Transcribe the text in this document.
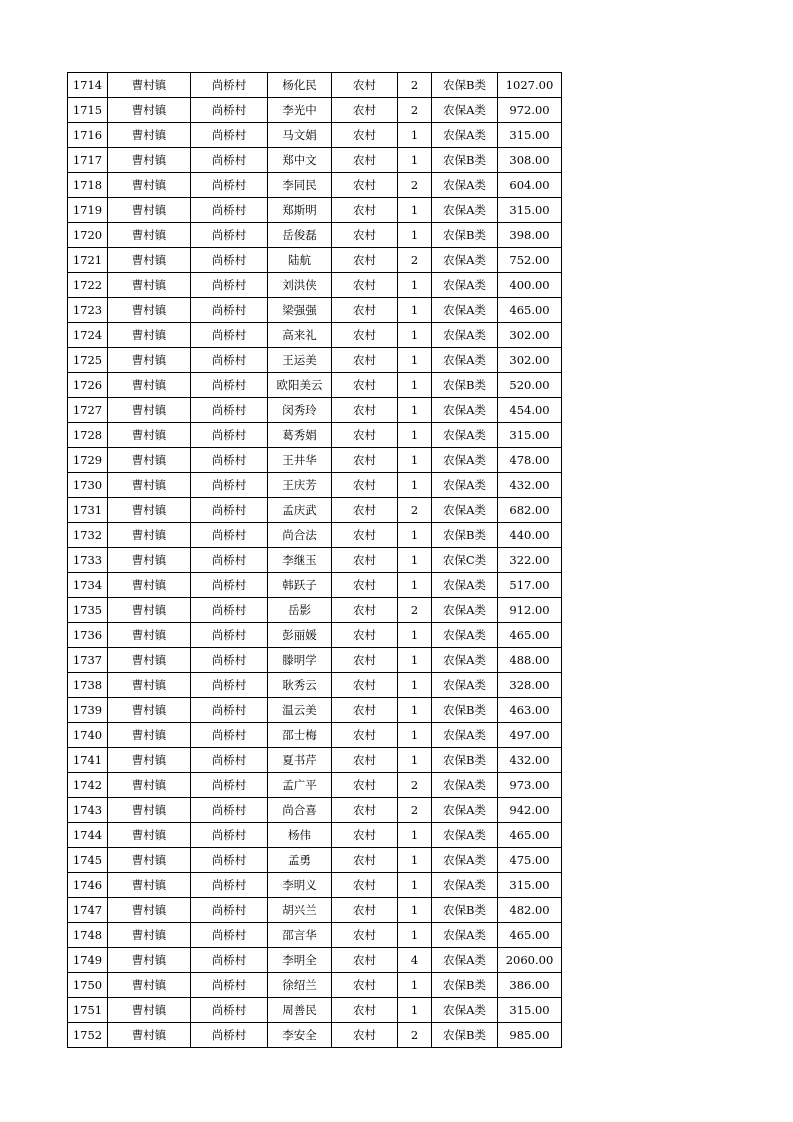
1714	曹村镇	尚桥村	杨化民	农村	2	农保B类	1027.00
1715	曹村镇	尚桥村	李光中	农村	2	农保A类	972.00
1716	曹村镇	尚桥村	马文娟	农村	1	农保A类	315.00
1717	曹村镇	尚桥村	郑中文	农村	1	农保B类	308.00
1718	曹村镇	尚桥村	李同民	农村	2	农保A类	604.00
1719	曹村镇	尚桥村	郑斯明	农村	1	农保A类	315.00
1720	曹村镇	尚桥村	岳俊磊	农村	1	农保B类	398.00
1721	曹村镇	尚桥村	陆航	农村	2	农保A类	752.00
1722	曹村镇	尚桥村	刘洪侠	农村	1	农保A类	400.00
1723	曹村镇	尚桥村	梁强强	农村	1	农保A类	465.00
1724	曹村镇	尚桥村	高来礼	农村	1	农保A类	302.00
1725	曹村镇	尚桥村	王运美	农村	1	农保A类	302.00
1726	曹村镇	尚桥村	欧阳美云	农村	1	农保B类	520.00
1727	曹村镇	尚桥村	闵秀玲	农村	1	农保A类	454.00
1728	曹村镇	尚桥村	葛秀娟	农村	1	农保A类	315.00
1729	曹村镇	尚桥村	王井华	农村	1	农保A类	478.00
1730	曹村镇	尚桥村	王庆芳	农村	1	农保A类	432.00
1731	曹村镇	尚桥村	孟庆武	农村	2	农保A类	682.00
1732	曹村镇	尚桥村	尚合法	农村	1	农保B类	440.00
1733	曹村镇	尚桥村	李继玉	农村	1	农保C类	322.00
1734	曹村镇	尚桥村	韩跃子	农村	1	农保A类	517.00
1735	曹村镇	尚桥村	岳影	农村	2	农保A类	912.00
1736	曹村镇	尚桥村	彭丽媛	农村	1	农保A类	465.00
1737	曹村镇	尚桥村	滕明学	农村	1	农保A类	488.00
1738	曹村镇	尚桥村	耿秀云	农村	1	农保A类	328.00
1739	曹村镇	尚桥村	温云美	农村	1	农保B类	463.00
1740	曹村镇	尚桥村	邵士梅	农村	1	农保A类	497.00
1741	曹村镇	尚桥村	夏书芹	农村	1	农保B类	432.00
1742	曹村镇	尚桥村	孟广平	农村	2	农保A类	973.00
1743	曹村镇	尚桥村	尚合喜	农村	2	农保A类	942.00
1744	曹村镇	尚桥村	杨伟	农村	1	农保A类	465.00
1745	曹村镇	尚桥村	孟勇	农村	1	农保A类	475.00
1746	曹村镇	尚桥村	李明义	农村	1	农保A类	315.00
1747	曹村镇	尚桥村	胡兴兰	农村	1	农保B类	482.00
1748	曹村镇	尚桥村	邵言华	农村	1	农保A类	465.00
1749	曹村镇	尚桥村	李明全	农村	4	农保A类	2060.00
1750	曹村镇	尚桥村	徐绍兰	农村	1	农保B类	386.00
1751	曹村镇	尚桥村	周善民	农村	1	农保A类	315.00
1752	曹村镇	尚桥村	李安全	农村	2	农保B类	985.00
